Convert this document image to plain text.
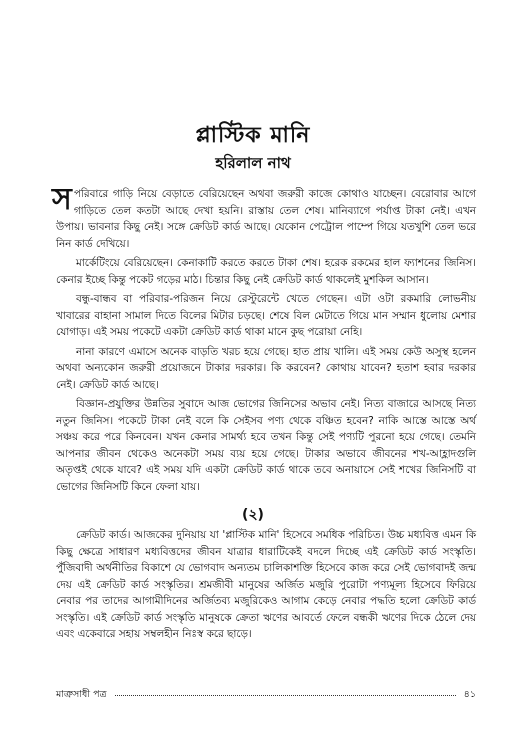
প্লাস্টিক মানি
হরিলাল নাথ

সপরিবারে গাড়ি নিয়ে বেড়াতে বেরিয়েছেন অথবা জরুরী কাজে কোথাও যাচ্ছেন। বেরোবার আগে গাড়িতে তেল কতটা আছে দেখা হয়নি। রাস্তায় তেল শেষ। মানিব্যাগে পর্যাপ্ত টাকা নেই। এখন উপায়। ভাবনার কিছু নেই। সঙ্গে ক্রেডিট কার্ড আছে। যেকোন পেট্রোল পাম্পে গিয়ে যতখুশি তেল ভরে নিন কার্ড দেখিয়ে।

মার্কেটিংয়ে বেরিয়েছেন। কেনাকাটি করতে করতে টাকা শেষ। হরেক রকমের হাল ফ্যাশনের জিনিস। কেনার ইচ্ছে কিন্তু পকেট গড়ের মাঠ। চিন্তার কিছু নেই ক্রেডিট কার্ড থাকলেই মুশকিল আসান।

বন্ধু-বান্ধব বা পরিবার-পরিজন নিয়ে রেস্টুরেন্টে খেতে গেছেন। এটা ওটা রকমারি লোভনীয় খাবারের বাহানা সামাল দিতে বিলের মিটার চড়ছে। শেষে বিল মেটাতে গিয়ে মান সম্মান ধুলোয় মেশার যোগাড়। এই সময় পকেটে একটা ক্রেডিট কার্ড থাকা মানে কুছ পরোয়া নেহি।

নানা কারণে এমাসে অনেক বাড়তি খরচ হয়ে গেছে। হাত প্রায় খালি। এই সময় কেউ অসুস্থ হলেন অথবা অন্যকোন জরুরী প্রয়োজনে টাকার দরকার। কি করবেন? কোথায় যাবেন? হতাশ হবার দরকার নেই। ক্রেডিট কার্ড আছে।

বিজ্ঞান-প্রযুক্তির উন্নতির সুবাদে আজ ভোগের জিনিসের অভাব নেই। নিত্য বাজারে আসছে নিত্য নতুন জিনিস। পকেটে টাকা নেই বলে কি সেইসব পণ্য থেকে বঞ্চিত হবেন? নাকি আস্তে আস্তে অর্থ সঞ্চয় করে পরে কিনবেন। যখন কেনার সামর্থ্য হবে তখন কিন্তু সেই পণ্যটি পুরনো হয়ে গেছে। তেমনি আপনার জীবন থেকেও অনেকটা সময় ব্যয় হয়ে গেছে। টাকার অভাবে জীবনের শখ-আহ্লাদগুলি অতৃপ্তই থেকে যাবে? এই সময় যদি একটা ক্রেডিট কার্ড থাকে তবে অনায়াসে সেই শখের জিনিসটি বা ভোগের জিনিসটি কিনে ফেলা যায়।

(২)

ক্রেডিট কার্ড। আজকের দুনিয়ায় যা 'প্লাস্টিক মানি' হিসেবে সমধিক পরিচিত। উচ্চ মধ্যবিত্ত এমন কি কিছু ক্ষেত্রে সাধারণ মধ্যবিত্তদের জীবন যাত্রার ধারাটিকেই বদলে দিচ্ছে এই ক্রেডিট কার্ড সংস্কৃতি। পুঁজিবাদী অর্থনীতির বিকাশে যে ভোগবাদ অন্যতম চালিকাশক্তি হিসেবে কাজ করে সেই ভোগবাদই জন্ম দেয় এই ক্রেডিট কার্ড সংস্কৃতির। শ্রমজীবী মানুষের অর্জিত মজুরি পুরোটা পণ্যমূল্য হিসেবে ফিরিয়ে নেবার পর তাদের আগামীদিনের অর্জিতব্য মজুরিকেও আগাম কেড়ে নেবার পদ্ধতি হলো ক্রেডিট কার্ড সংস্কৃতি। এই ক্রেডিট কার্ড সংস্কৃতি মানুষকে ক্রেতা ঋণের আবর্তে ফেলে বন্ধকী ঋণের দিকে ঠেলে দেয় এবং একেবারে সহায় সম্বলহীন নিঃস্ব করে ছাড়ে।

মাত্রুসাধী পত্র	৪১
